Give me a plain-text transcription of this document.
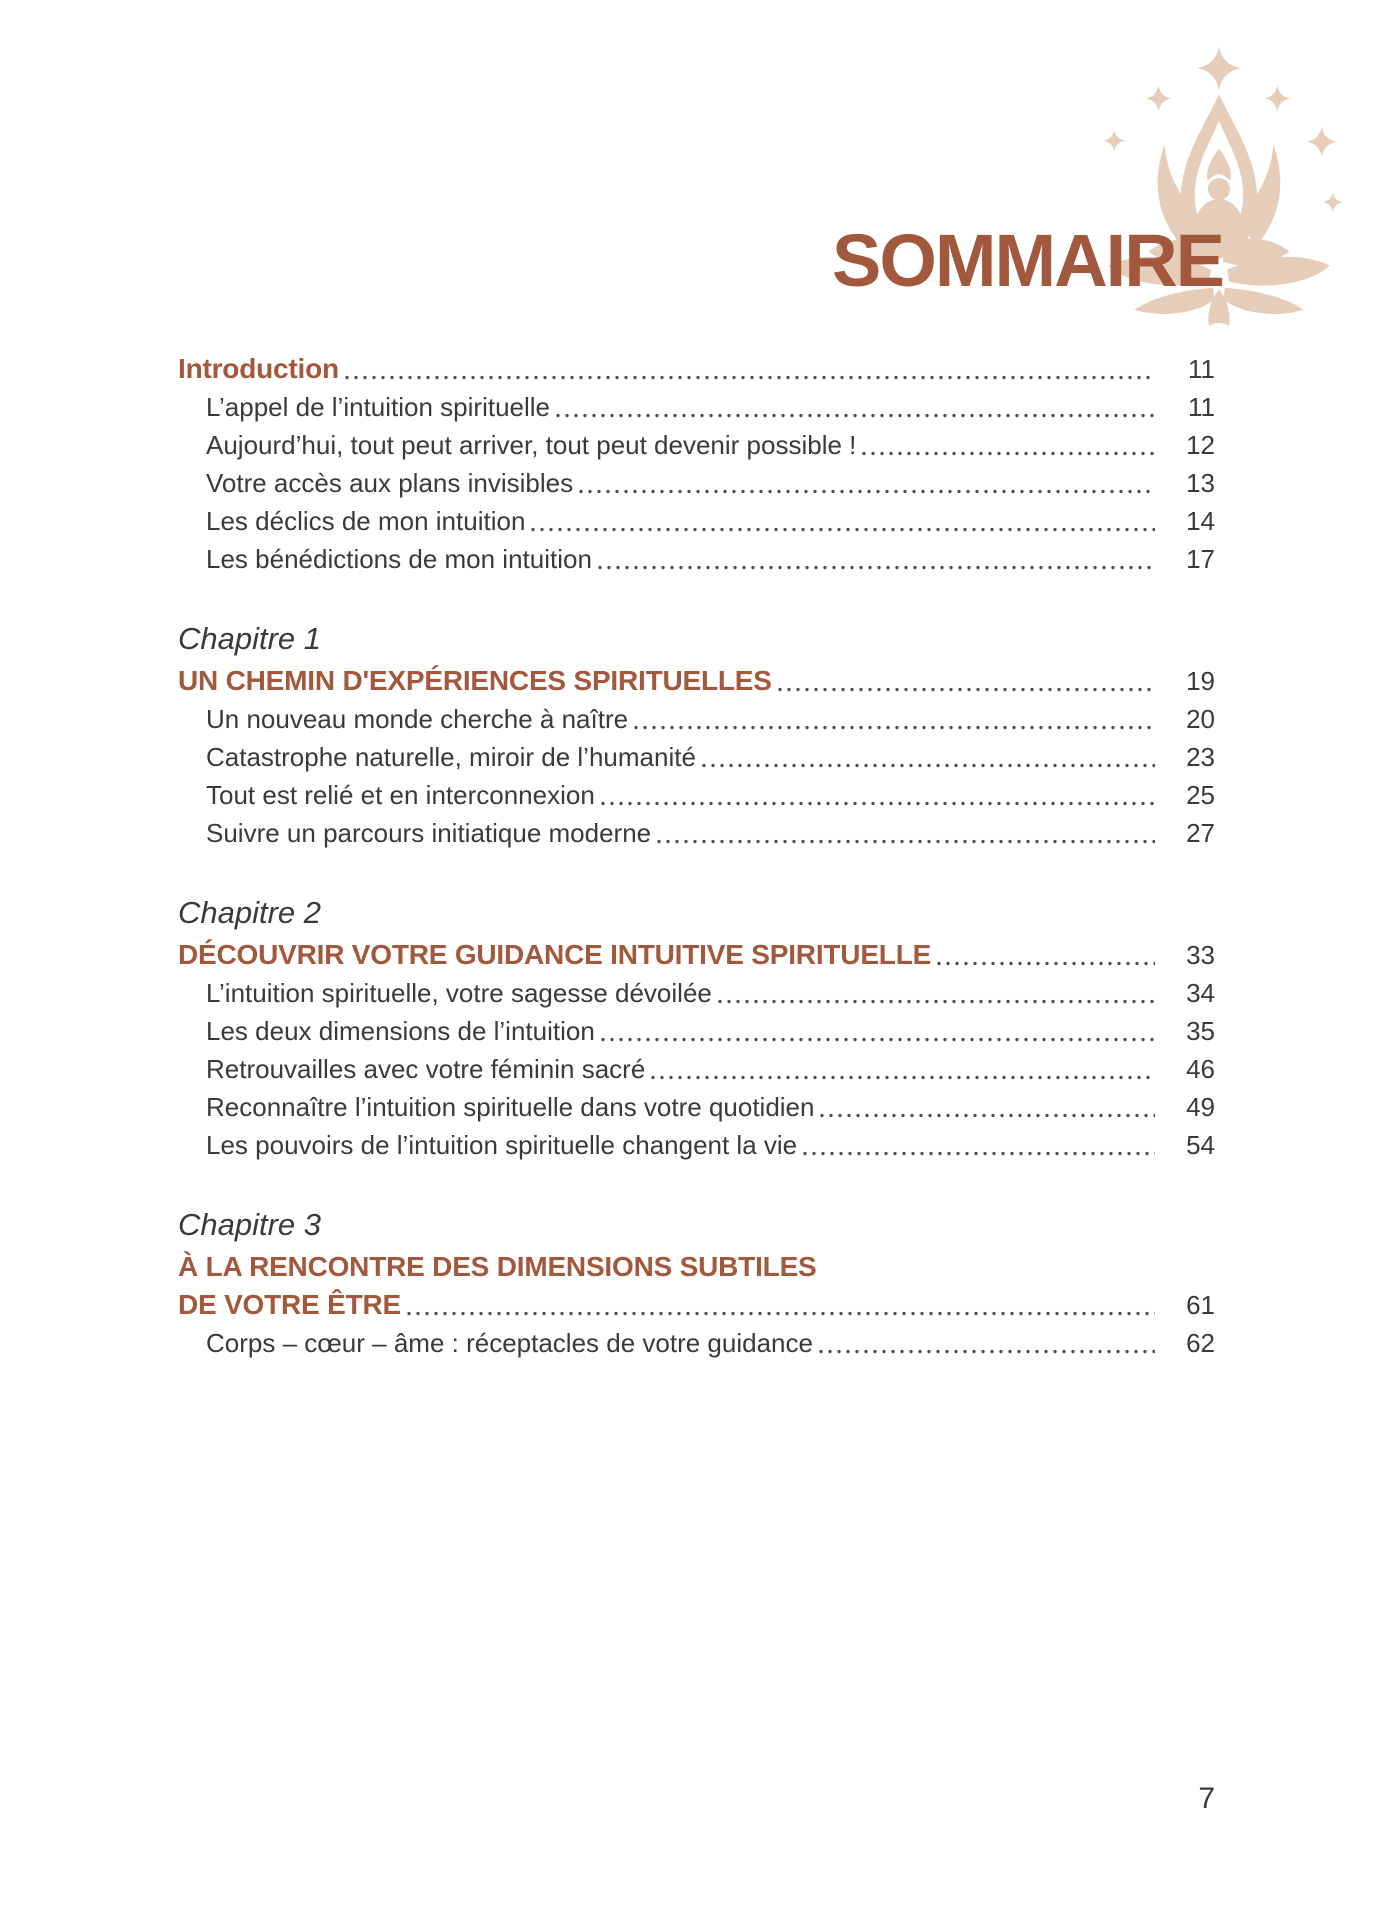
SOMMAIRE
Introduction	11
L’appel de l’intuition spirituelle	11
Aujourd’hui, tout peut arriver, tout peut devenir possible !	12
Votre accès aux plans invisibles	13
Les déclics de mon intuition	14
Les bénédictions de mon intuition	17
Chapitre 1
UN CHEMIN D'EXPÉRIENCES SPIRITUELLES	19
Un nouveau monde cherche à naître	20
Catastrophe naturelle, miroir de l’humanité	23
Tout est relié et en interconnexion	25
Suivre un parcours initiatique moderne	27
Chapitre 2
DÉCOUVRIR VOTRE GUIDANCE INTUITIVE SPIRITUELLE	33
L’intuition spirituelle, votre sagesse dévoilée	34
Les deux dimensions de l’intuition	35
Retrouvailles avec votre féminin sacré	46
Reconnaître l’intuition spirituelle dans votre quotidien	49
Les pouvoirs de l’intuition spirituelle changent la vie	54
Chapitre 3
À LA RENCONTRE DES DIMENSIONS SUBTILES
DE VOTRE ÊTRE	61
Corps – cœur – âme : réceptacles de votre guidance	62
7
